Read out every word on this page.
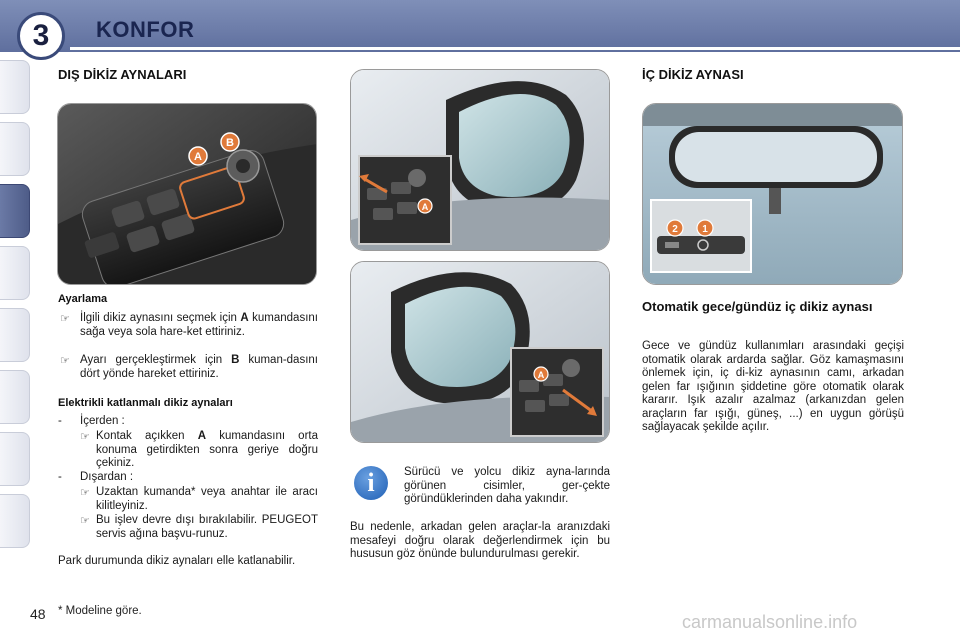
3	KONFOR
DIŞ DİKİZ AYNALARI
A
B
Ayarlama
☞ İlgili dikiz aynasını seçmek için A kumandasını sağa veya sola hare-ket ettiriniz.
☞ Ayarı gerçekleştirmek için B kuman-dasını dört yönde hareket ettiriniz.
Elektrikli katlanmalı dikiz aynaları
- İçerden :
☞ Kontak açıkken A kumandasını orta konuma getirdikten sonra geriye doğru çekiniz.
- Dışardan :
☞ Uzaktan kumanda* veya anahtar ile aracı kilitleyiniz.
☞ Bu işlev devre dışı bırakılabilir. PEUGEOT servis ağına başvu-runuz.
Park durumunda dikiz aynaları elle katlanabilir.
A
A
i	Sürücü ve yolcu dikiz ayna-larında görünen cisimler, ger-çekte göründüklerinden daha yakındır.
Bu nedenle, arkadan gelen araçlar-la aranızdaki mesafeyi doğru olarak değerlendirmek için bu hususun göz önünde bulundurulması gerekir.
İÇ DİKİZ AYNASI
2 1
Otomatik gece/gündüz iç dikiz aynası
Gece ve gündüz kullanımları arasındaki geçişi otomatik olarak ardarda sağlar. Göz kamaşmasını önlemek için, iç di-kiz aynasının camı, arkadan gelen far ışığının şiddetine göre otomatik olarak kararır. Işık azalır azalmaz (arkanızdan gelen araçların far ışığı, güneş, ...) en uygun görüşü sağlayacak şekilde açılır.
48 * Modeline göre.
carmanualsonline.info
